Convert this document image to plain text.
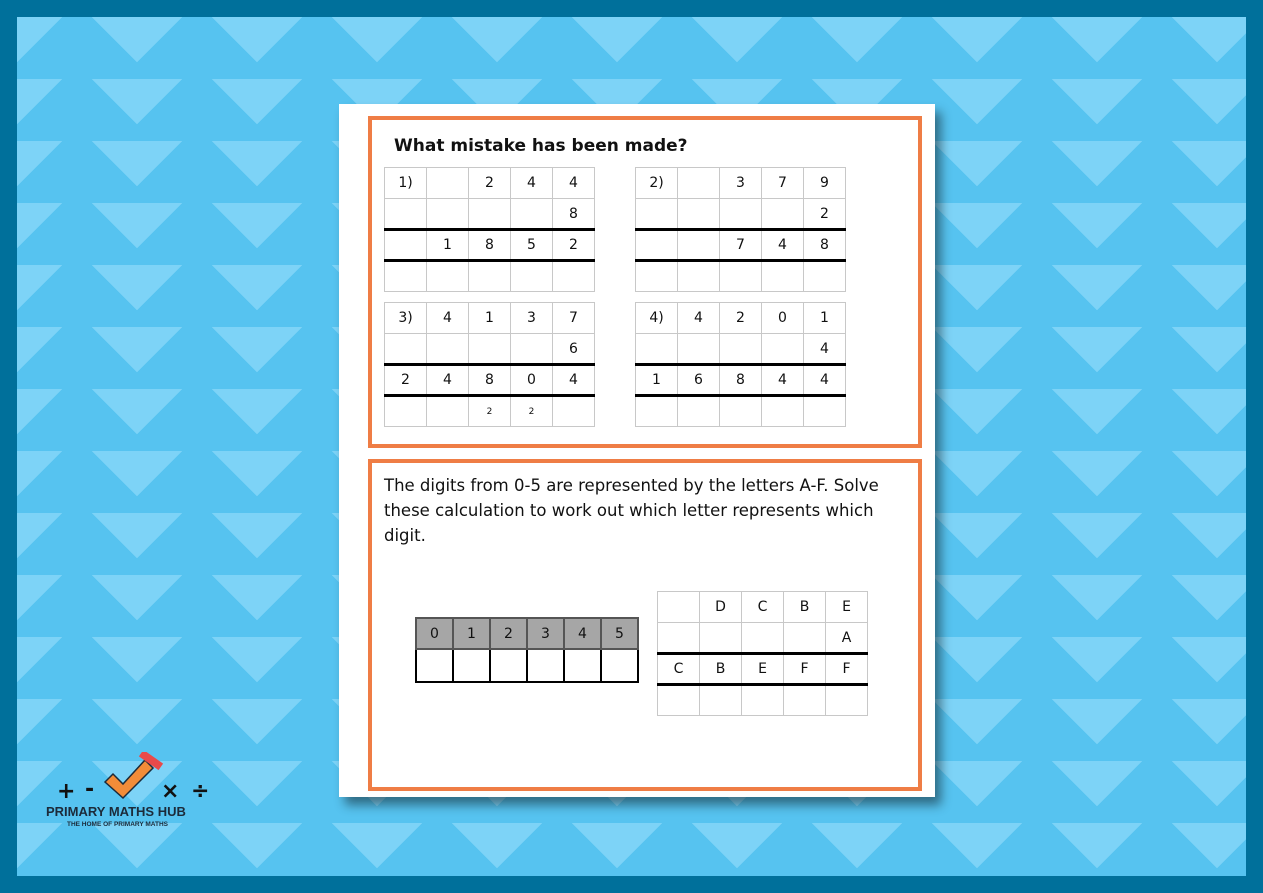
What mistake has been made?
1)		2	4	4
				8
	1	8	5	2

2)		3	7	9
				2
		7	4	8

3)	4	1	3	7
				6
2	4	8	0	4
		2	2	
4)	4	2	0	1
				4
1	6	8	4	4

The digits from 0-5 are represented by the letters A-F. Solve these calculation to work out which letter represents which digit.
0	1	2	3	4	5

	D	C	B	E
				A
C	B	E	F	F

+ -	× ÷
PRIMARY MATHS HUB
THE HOME OF PRIMARY MATHS
